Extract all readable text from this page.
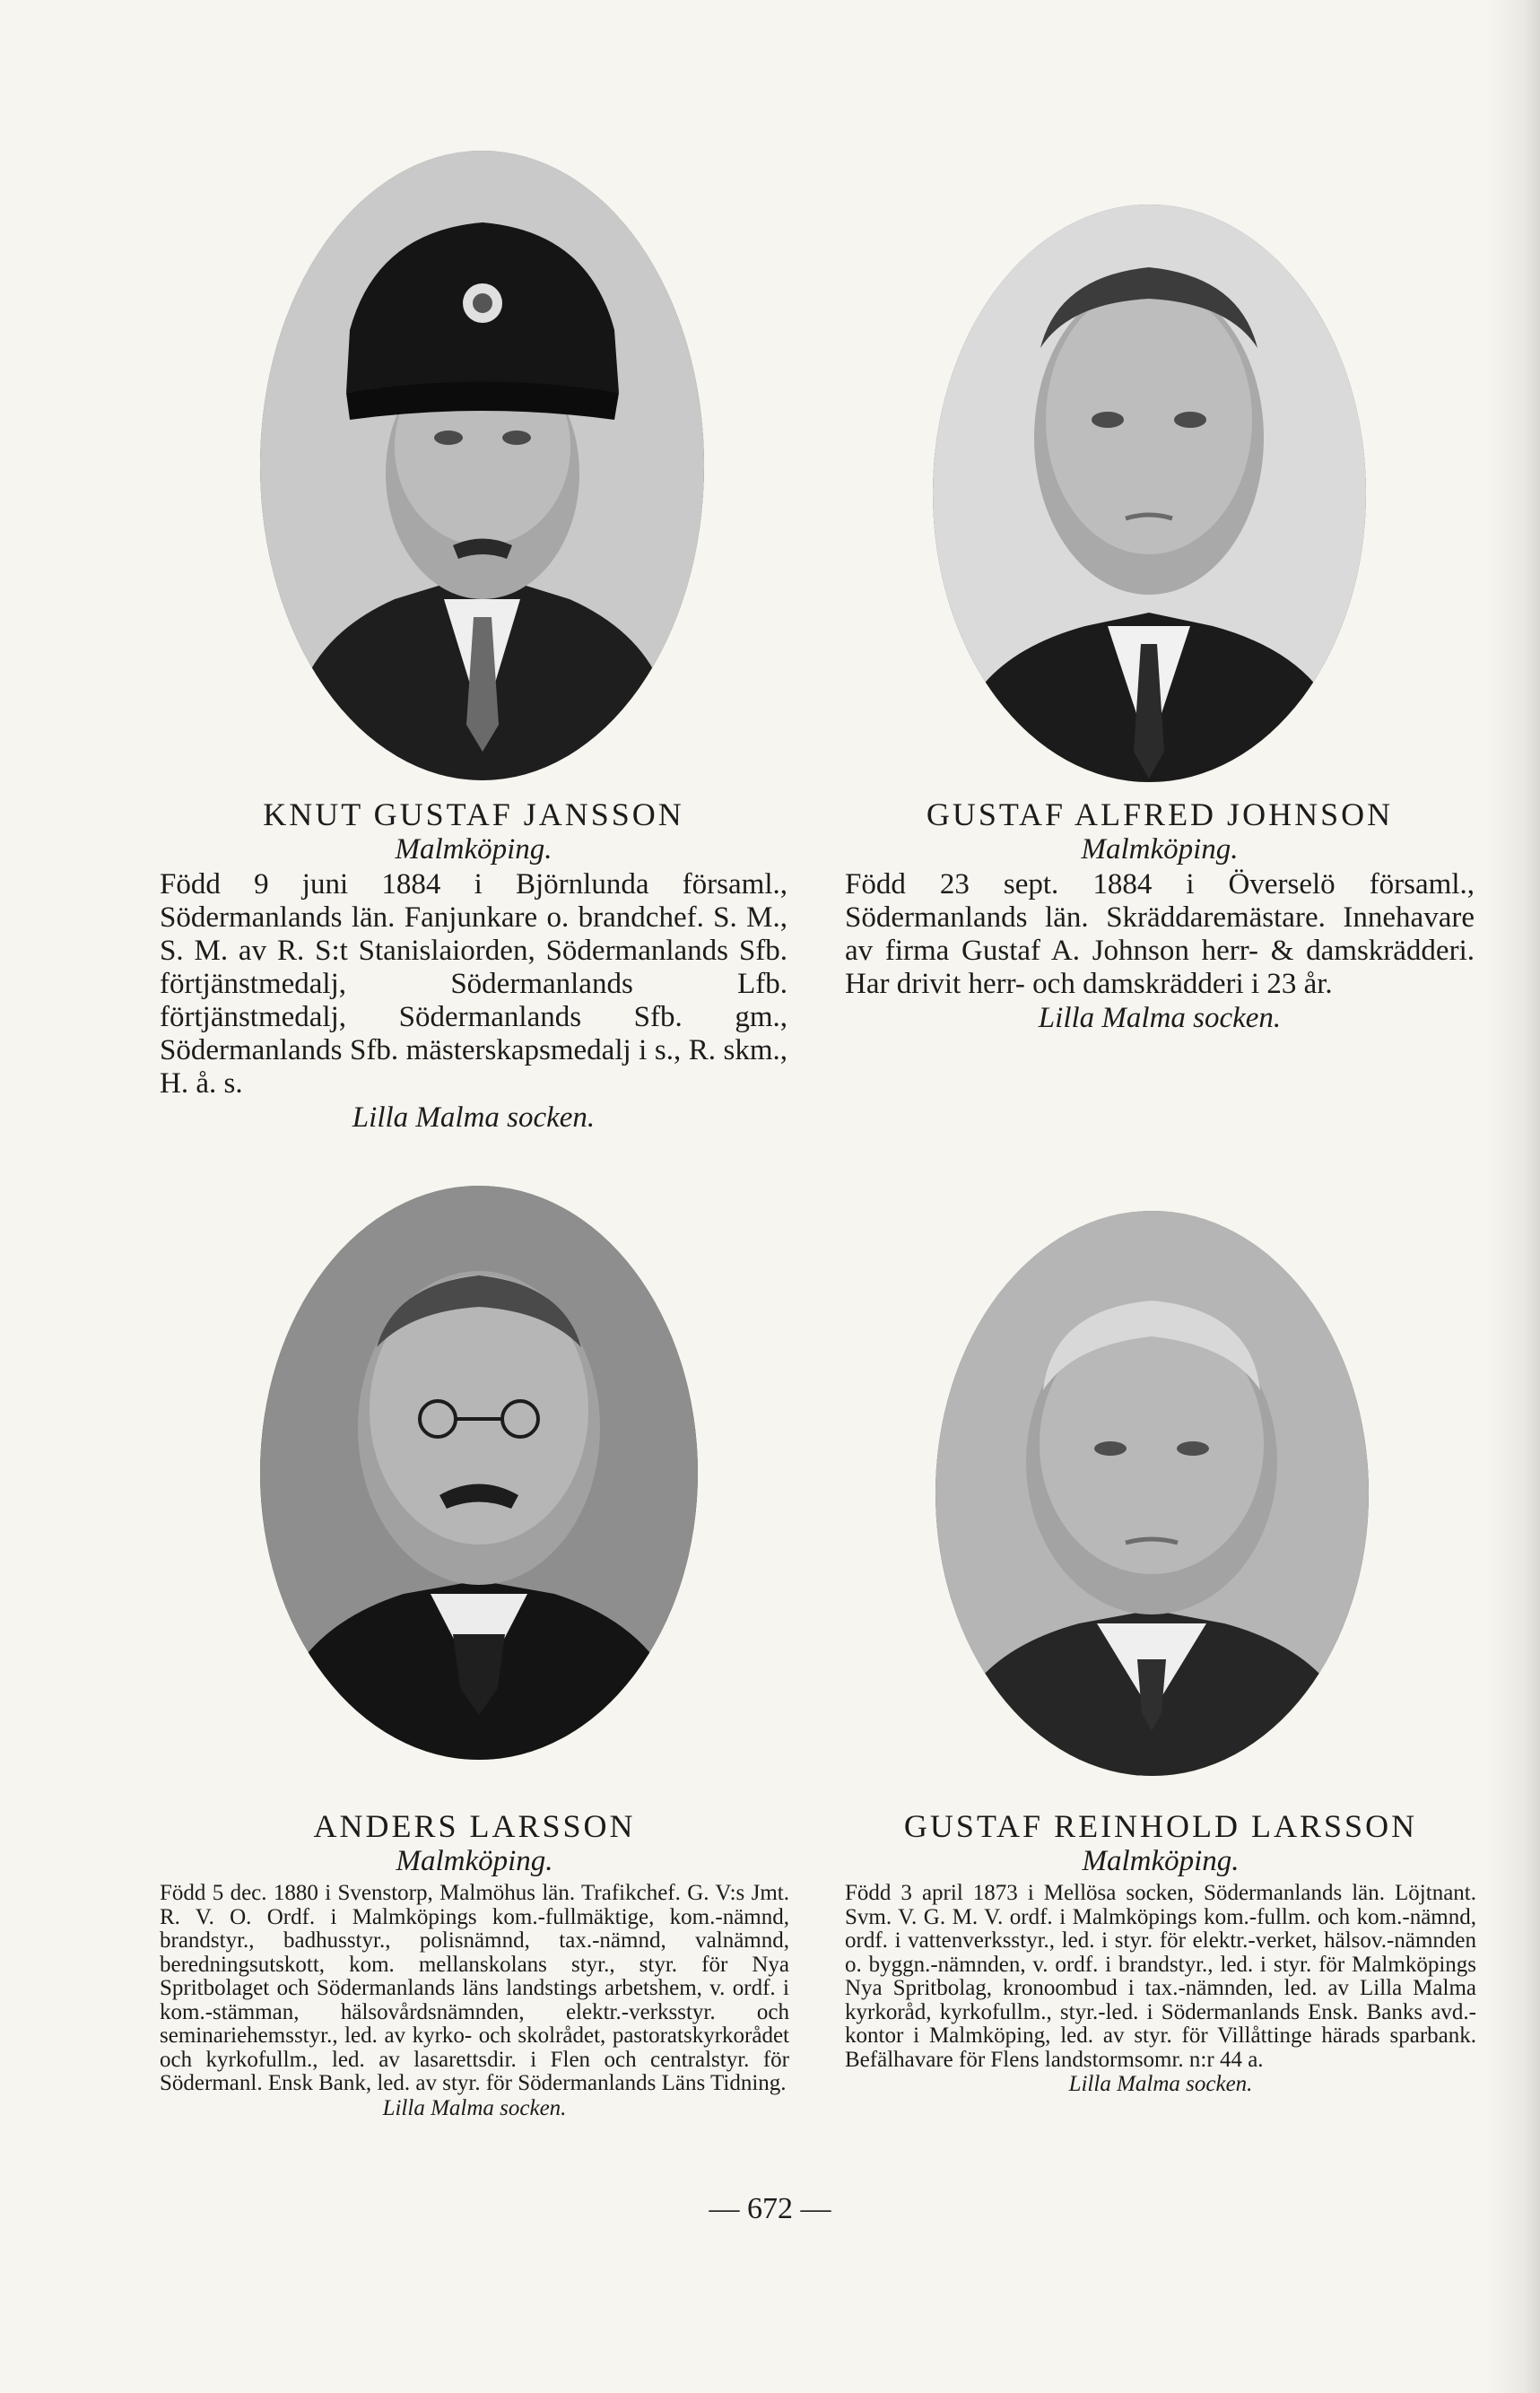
KNUT GUSTAF JANSSON
Malmköping.
Född 9 juni 1884 i Björnlunda församl., Södermanlands län. Fanjunkare o. brandchef. S. M., S. M. av R. S:t Stanislaiorden, Södermanlands Sfb. förtjänstmedalj, Södermanlands Lfb. förtjänstmedalj, Södermanlands Sfb. gm., Södermanlands Sfb. mästerskapsmedalj i s., R. skm., H. å. s.
Lilla Malma socken.
GUSTAF ALFRED JOHNSON
Malmköping.
Född 23 sept. 1884 i Överselö församl., Södermanlands län. Skräddaremästare. Innehavare av firma Gustaf A. Johnson herr- & damskrädderi. Har drivit herr- och damskrädderi i 23 år.
Lilla Malma socken.
ANDERS LARSSON
Malmköping.
Född 5 dec. 1880 i Svenstorp, Malmöhus län. Trafikchef. G. V:s Jmt. R. V. O. Ordf. i Malmköpings kom.-fullmäktige, kom.-nämnd, brandstyr., badhusstyr., polisnämnd, tax.-nämnd, valnämnd, beredningsutskott, kom. mellanskolans styr., styr. för Nya Spritbolaget och Södermanlands läns landstings arbetshem, v. ordf. i kom.-stämman, hälsovårdsnämnden, elektr.-verksstyr. och seminariehemsstyr., led. av kyrko- och skolrådet, pastoratskyrkorådet och kyrkofullm., led. av lasarettsdir. i Flen och centralstyr. för Södermanl. Ensk Bank, led. av styr. för Södermanlands Läns Tidning.
Lilla Malma socken.
GUSTAF REINHOLD LARSSON
Malmköping.
Född 3 april 1873 i Mellösa socken, Södermanlands län. Löjtnant. Svm. V. G. M. V. ordf. i Malmköpings kom.-fullm. och kom.-nämnd, ordf. i vattenverksstyr., led. i styr. för elektr.-verket, hälsov.-nämnden o. byggn.-nämnden, v. ordf. i brandstyr., led. i styr. för Malmköpings Nya Spritbolag, kronoombud i tax.-nämnden, led. av Lilla Malma kyrkoråd, kyrkofullm., styr.-led. i Södermanlands Ensk. Banks avd.-kontor i Malmköping, led. av styr. för Villåttinge härads sparbank. Befälhavare för Flens landstormsomr. n:r 44 a.
Lilla Malma socken.
— 672 —
